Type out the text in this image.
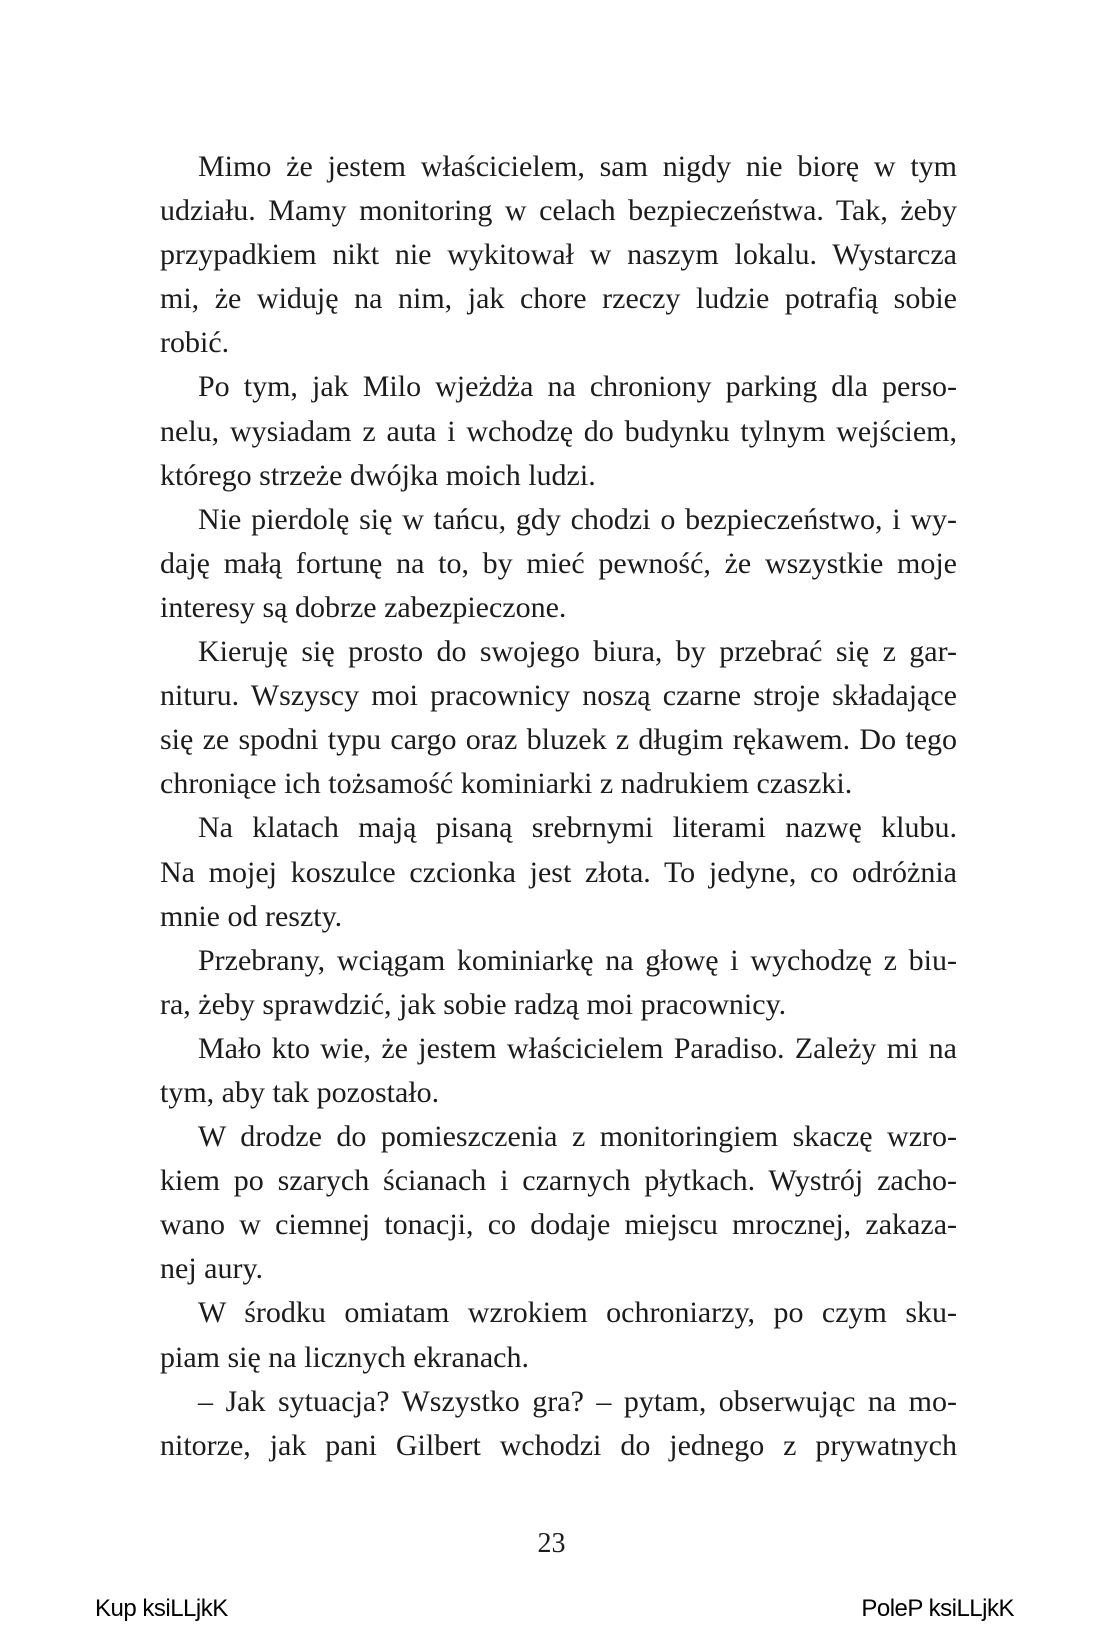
Mimo że jestem właścicielem, sam nigdy nie biorę w tym
udziału. Mamy monitoring w celach bezpieczeństwa. Tak, żeby
przypadkiem nikt nie wykitował w naszym lokalu. Wystarcza
mi, że widuję na nim, jak chore rzeczy ludzie potrafią sobie
robić.

Po tym, jak Milo wjeżdża na chroniony parking dla perso-
nelu, wysiadam z auta i wchodzę do budynku tylnym wejściem,
którego strzeże dwójka moich ludzi.

Nie pierdolę się w tańcu, gdy chodzi o bezpieczeństwo, i wy-
daję małą fortunę na to, by mieć pewność, że wszystkie moje
interesy są dobrze zabezpieczone.

Kieruję się prosto do swojego biura, by przebrać się z gar-
nituru. Wszyscy moi pracownicy noszą czarne stroje składające
się ze spodni typu cargo oraz bluzek z długim rękawem. Do tego
chroniące ich tożsamość kominiarki z nadrukiem czaszki.

Na klatach mają pisaną srebrnymi literami nazwę klubu.
Na mojej koszulce czcionka jest złota. To jedyne, co odróżnia
mnie od reszty.

Przebrany, wciągam kominiarkę na głowę i wychodzę z biu-
ra, żeby sprawdzić, jak sobie radzą moi pracownicy.

Mało kto wie, że jestem właścicielem Paradiso. Zależy mi na
tym, aby tak pozostało.

W drodze do pomieszczenia z monitoringiem skaczę wzro-
kiem po szarych ścianach i czarnych płytkach. Wystrój zacho-
wano w ciemnej tonacji, co dodaje miejscu mrocznej, zakaza-
nej aury.

W środku omiatam wzrokiem ochroniarzy, po czym sku-
piam się na licznych ekranach.

– Jak sytuacja? Wszystko gra? – pytam, obserwując na mo-
nitorze, jak pani Gilbert wchodzi do jednego z prywatnych

23
Kup ksiLLjkK	PoleP ksiLLjkK
